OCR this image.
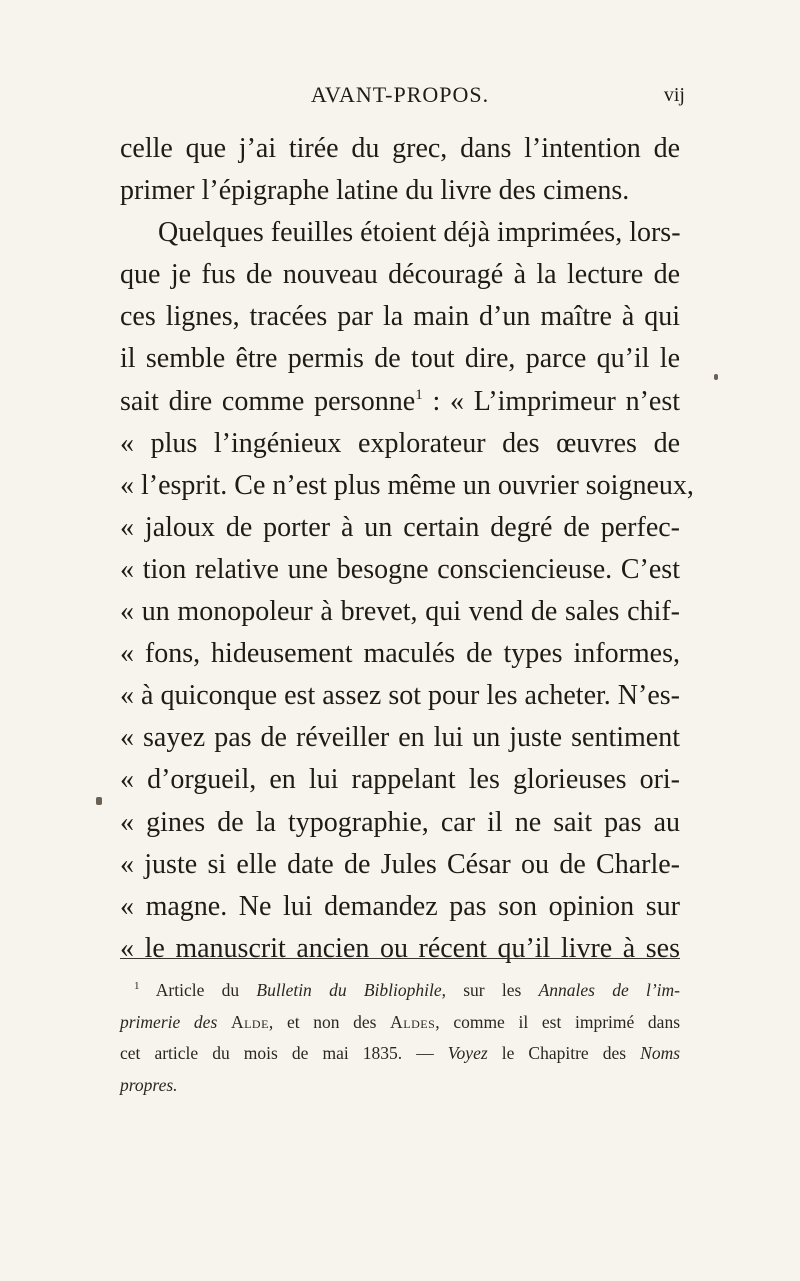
AVANT-PROPOS.	vij
celle que j’ai tirée du grec, dans l’intention de
primer l’épigraphe latine du livre des cimens.
Quelques feuilles étoient déjà imprimées, lors-
que je fus de nouveau découragé à la lecture de
ces lignes, tracées par la main d’un maître à qui
il semble être permis de tout dire, parce qu’il le
sait dire comme personne$^1$ : « L’imprimeur n’est
« plus l’ingénieux explorateur des œuvres de
« l’esprit. Ce n’est plus même un ouvrier soigneux,
« jaloux de porter à un certain degré de perfec-
« tion relative une besogne consciencieuse. C’est
« un monopoleur à brevet, qui vend de sales chif-
« fons, hideusement maculés de types informes,
« à quiconque est assez sot pour les acheter. N’es-
« sayez pas de réveiller en lui un juste sentiment
« d’orgueil, en lui rappelant les glorieuses ori-
« gines de la typographie, car il ne sait pas au
« juste si elle date de Jules César ou de Charle-
« magne. Ne lui demandez pas son opinion sur
« le manuscrit ancien ou récent qu’il livre à ses
$^1$ Article du Bulletin du Bibliophile, sur les Annales de l’im-
primerie des Alde, et non des Aldes, comme il est imprimé dans
cet article du mois de mai 1835. — Voyez le Chapitre des Noms
propres.
